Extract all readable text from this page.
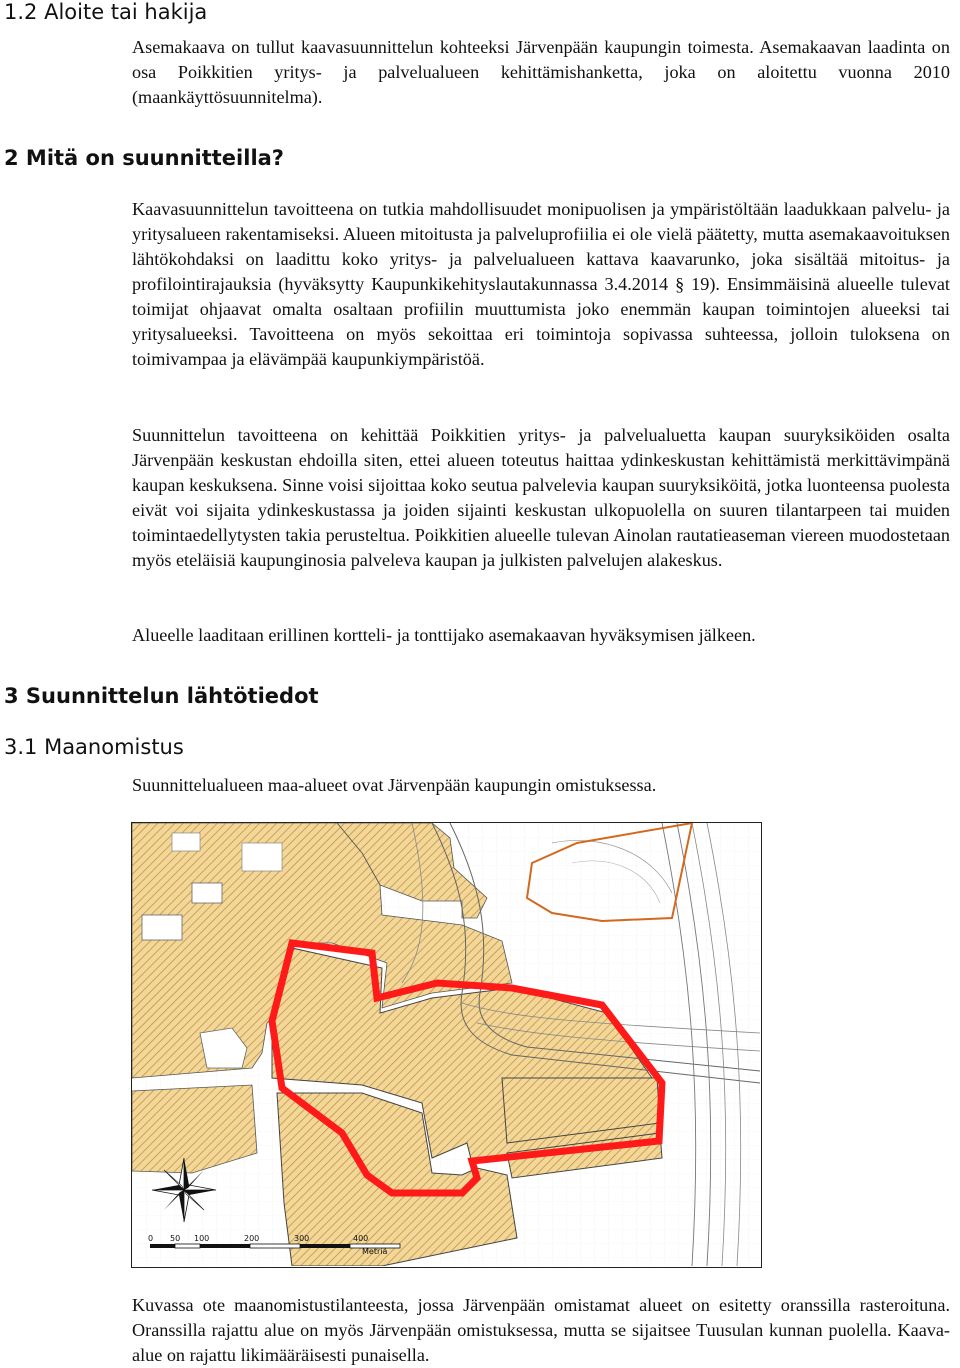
1.2 Aloite tai hakija

Asemakaava on tullut kaavasuunnittelun kohteeksi Järvenpään kaupungin toimesta. Asemakaavan laadinta on osa Poikkitien yritys- ja palvelualueen kehittämishanketta, joka on aloitettu vuonna 2010 (maankäyttösuunnitelma).

2 Mitä on suunnitteilla?

Kaavasuunnittelun tavoitteena on tutkia mahdollisuudet monipuolisen ja ympäristöltään laadukkaan palvelu- ja yritysalueen rakentamiseksi. Alueen mitoitusta ja palveluprofiilia ei ole vielä päätetty, mutta asemakaavoituksen lähtökohdaksi on laadittu koko yritys- ja palvelualueen kattava kaavarunko, joka sisältää mitoitus- ja profilointirajauksia (hyväksytty Kaupunkikehityslautakunnassa 3.4.2014 § 19). Ensimmäisinä alueelle tulevat toimijat ohjaavat omalta osaltaan profiilin muuttumista joko enemmän kaupan toimintojen alueeksi tai yritysalueeksi. Tavoitteena on myös sekoittaa eri toimintoja sopivassa suhteessa, jolloin tuloksena on toimivampaa ja elävämpää kaupunkiympäristöä.

Suunnittelun tavoitteena on kehittää Poikkitien yritys- ja palvelualuetta kaupan suuryksiköiden osalta Järvenpään keskustan ehdoilla siten, ettei alueen toteutus haittaa ydinkeskustan kehittämistä merkittävimpänä kaupan keskuksena. Sinne voisi sijoittaa koko seutua palvelevia kaupan suuryksiköitä, jotka luonteensa puolesta eivät voi sijaita ydinkeskustassa ja joiden sijainti keskustan ulkopuolella on suuren tilantarpeen tai muiden toimintaedellytysten takia perusteltua. Poikkitien alueelle tulevan Ainolan rautatieaseman viereen muodostetaan myös eteläisiä kaupunginosia palveleva kaupan ja julkisten palvelujen alakeskus.

Alueelle laaditaan erillinen kortteli- ja tonttijako asemakaavan hyväksymisen jälkeen.

3 Suunnittelun lähtötiedot
3.1 Maanomistus

Suunnittelualueen maa-alueet ovat Järvenpään kaupungin omistuksessa.

0 50 100	200	300	400
Metriä

Kuvassa ote maanomistustilanteesta, jossa Järvenpään omistamat alueet on esitetty oranssilla rasteroituna. Oranssilla rajattu alue on myös Järvenpään omistuksessa, mutta se sijaitsee Tuusulan kunnan puolella. Kaava-alue on rajattu likimääräisesti punaisella.
